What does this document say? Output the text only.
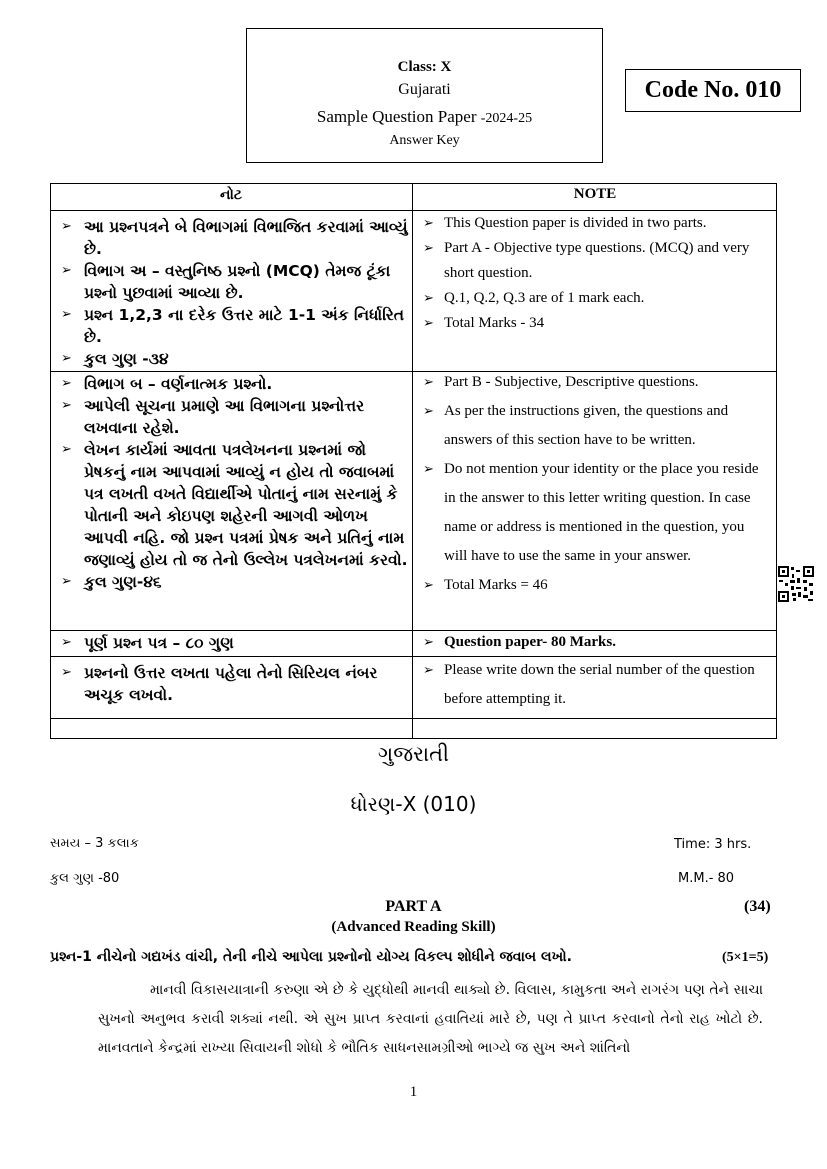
Class: X
Gujarati
Sample Question Paper -2024-25
Answer Key
Code No. 010
નોટ	NOTE
➢ આ પ્રશ્નપત્રને બે વિભાગમાં વિભાજિત કરવામાં આવ્યું છે.
➢ વિભાગ અ – વસ્તુનિષ્ઠ પ્રશ્નો (MCQ) તેમજ ટૂંકા પ્રશ્નો પુછવામાં આવ્યા છે.
➢ પ્રશ્ન 1,2,3 ના દરેક ઉત્તર માટે 1-1 અંક નિર્ધારિત છે.
➢ કુલ ગુણ -૩૪
➢ This Question paper is divided in two parts.
➢ Part A - Objective type questions. (MCQ) and very short question.
➢ Q.1, Q.2, Q.3 are of 1 mark each.
➢ Total Marks - 34
➢ વિભાગ બ – વર્ણનાત્મક પ્રશ્નો.
➢ આપેલી સૂચના પ્રમાણે આ વિભાગના પ્રશ્નોત્તર લખવાના રહેશે.
➢ લેખન કાર્યમાં આવતા પત્રલેખનના પ્રશ્નમાં જો પ્રેષકનું નામ આપવામાં આવ્યું ન હોય તો જવાબમાં પત્ર લખતી વખતે વિદ્યાર્થીએ પોતાનું નામ સરનામું કે પોતાની અને કોઇપણ શહેરની આગવી ઓળખ આપવી નહિ. જો પ્રશ્ન પત્રમાં પ્રેષક અને પ્રતિનું નામ જણાવ્યું હોય તો જ તેનો ઉલ્લેખ પત્રલેખનમાં કરવો.
➢ કુલ ગુણ-૪૬
➢ Part B - Subjective, Descriptive questions.
➢ As per the instructions given, the questions and answers of this section have to be written.
➢ Do not mention your identity or the place you reside in the answer to this letter writing question. In case name or address is mentioned in the question, you will have to use the same in your answer.
➢ Total Marks = 46
➢ પૂર્ણ પ્રશ્ન પત્ર – ૮૦ ગુણ	➢ Question paper- 80 Marks.
➢ પ્રશ્નનો ઉત્તર લખતા પહેલા તેનો સિરિયલ નંબર અચૂક લખવો.
➢ Please write down the serial number of the question before attempting it.
ગુજરાતી
ધોરણ-X (010)
સમય – 3 કલાક	Time: 3 hrs.
કુલ ગુણ -80	M.M.- 80
PART A	(34)
(Advanced Reading Skill)
પ્રશ્ન-1 નીચેનો ગદ્યખંડ વાંચી, તેની નીચે આપેલા પ્રશ્નોનો યોગ્ય વિકલ્પ શોધીને જવાબ લખો.	(5×1=5)
માનવી વિકાસયાત્રાની કરુણા એ છે કે યુદ્ધોથી માનવી થાક્યો છે. વિલાસ, કામુકતા અને રાગરંગ પણ તેને સાચા સુખનો અનુભવ કરાવી શક્યાં નથી. એ સુખ પ્રાપ્ત કરવાનાં હવાતિયાં મારે છે, પણ તે પ્રાપ્ત કરવાનો તેનો રાહ ખોટો છે. માનવતાને કેન્દ્રમાં રાખ્યા સિવાયની શોધો કે ભૌતિક સાધનસામગ્રીઓ ભાગ્યે જ સુખ અને શાંતિનો
1
